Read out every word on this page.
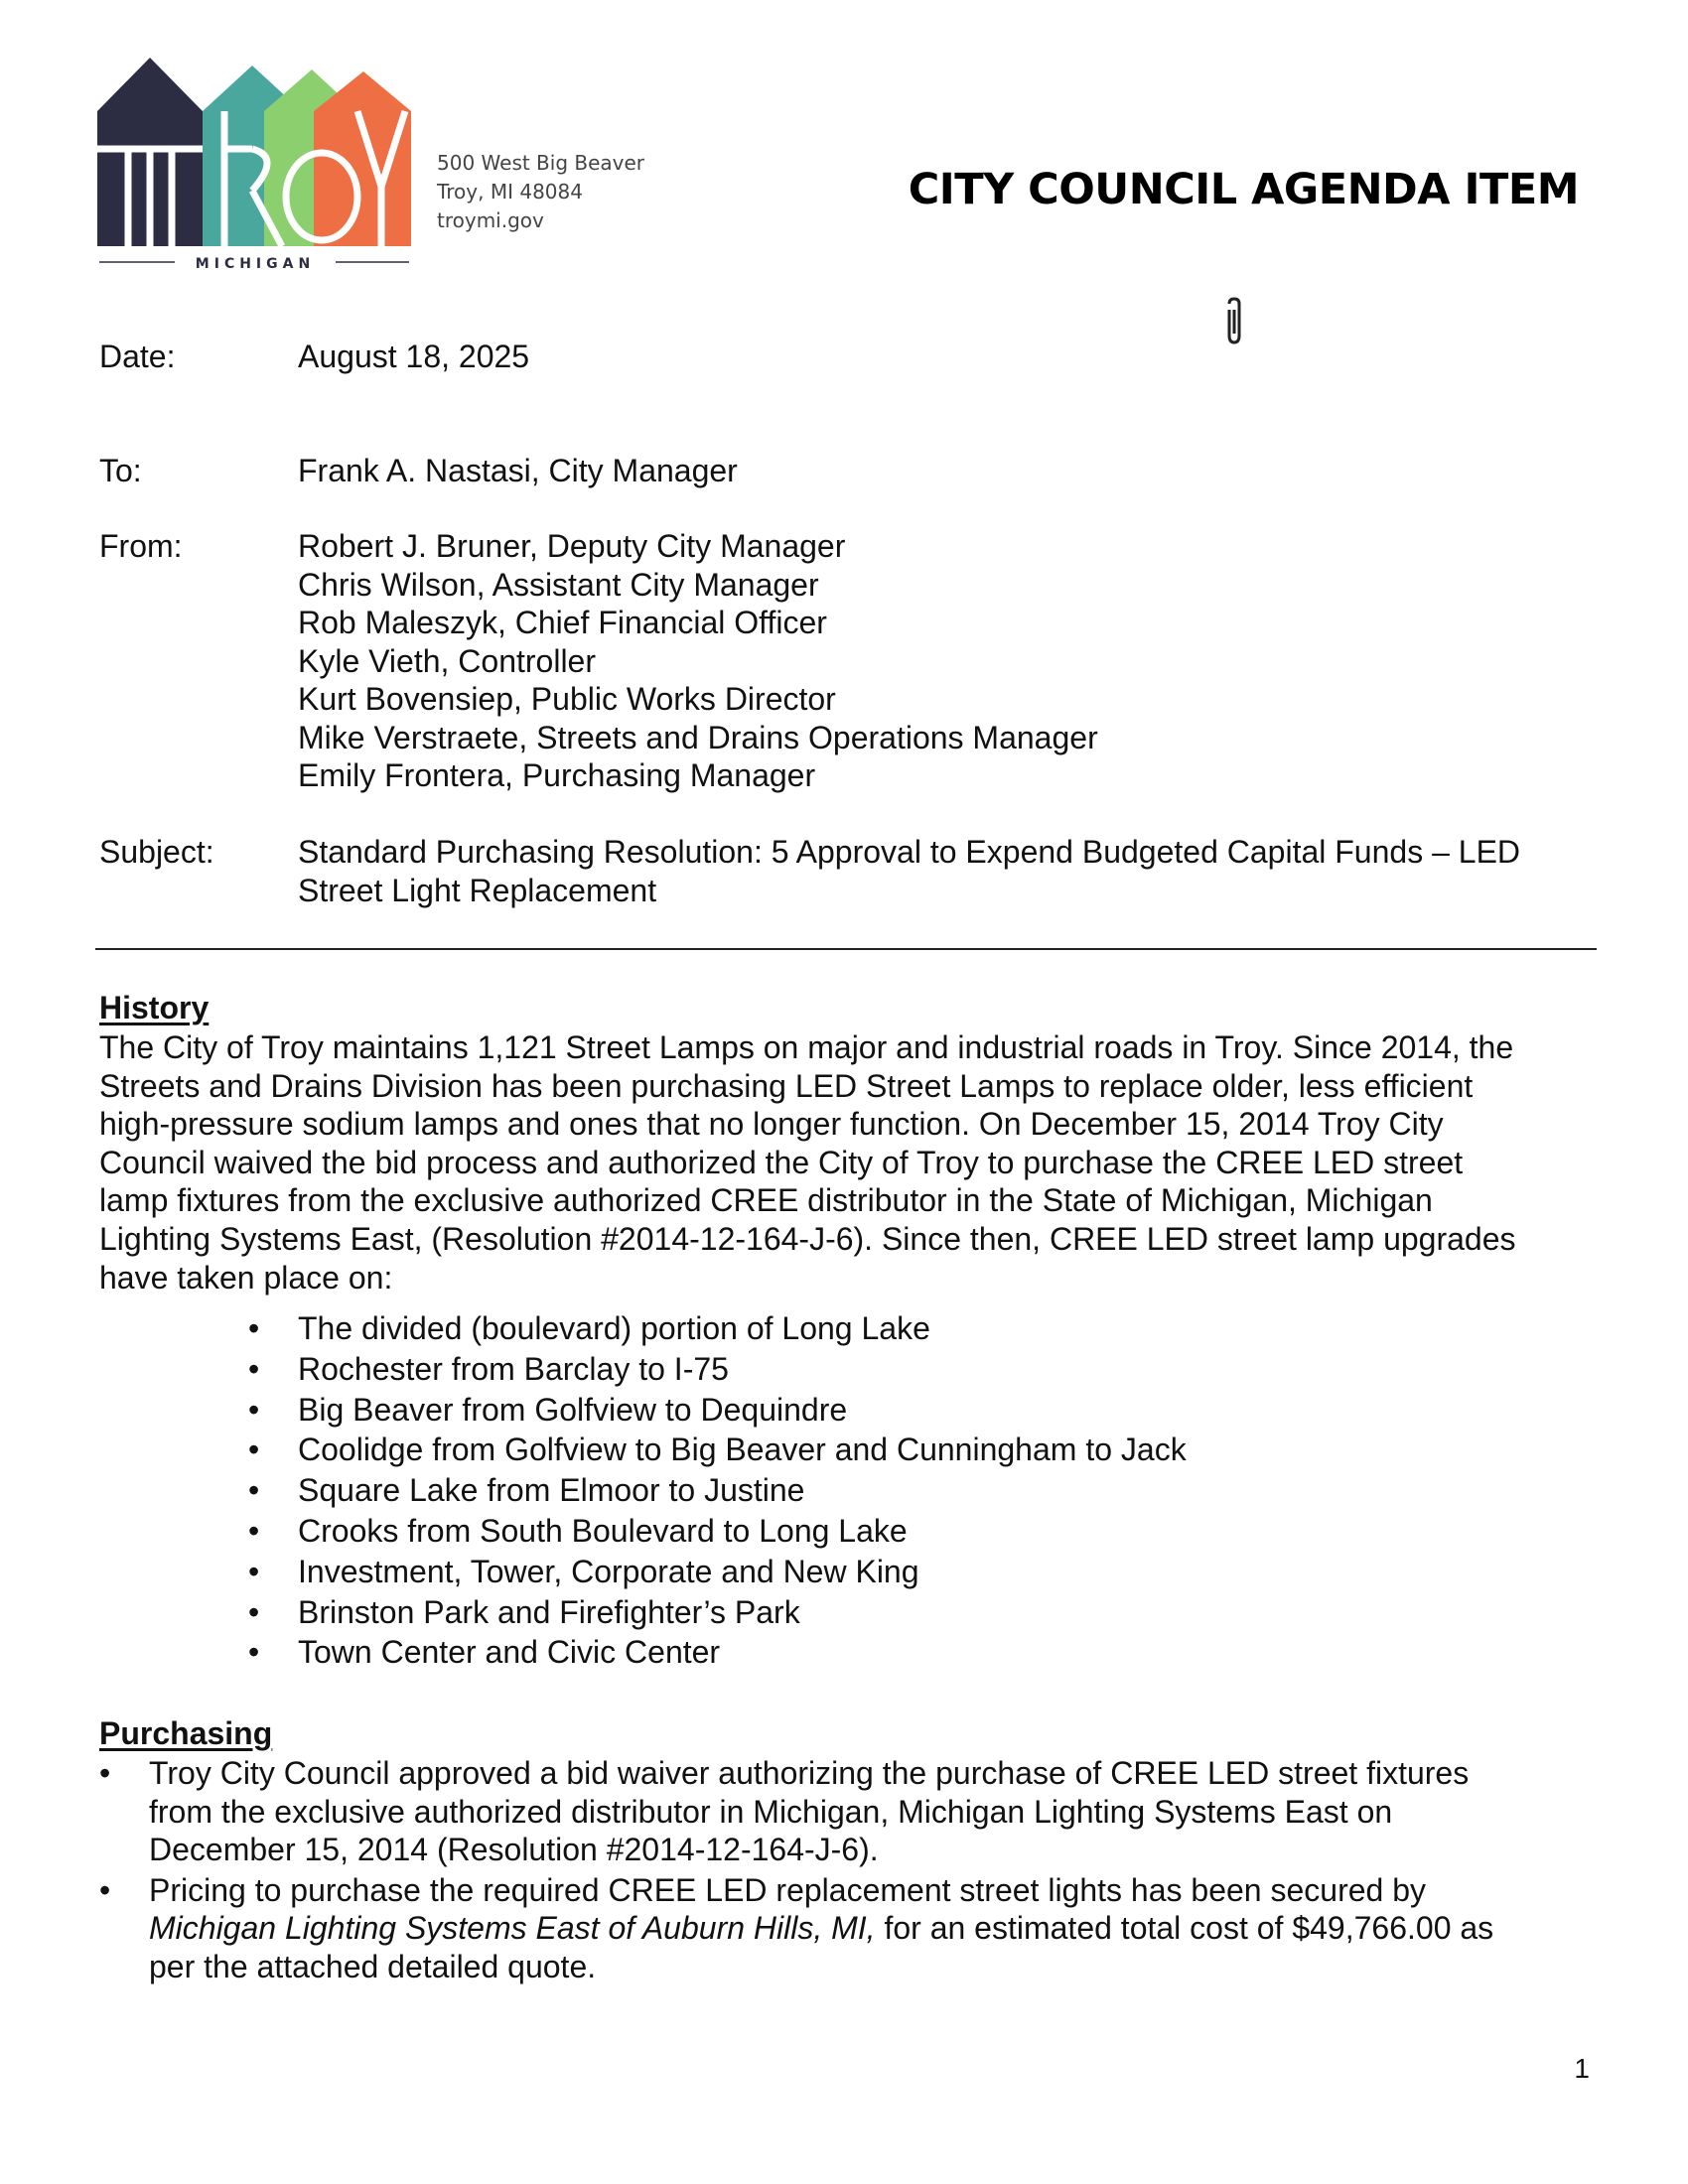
MICHIGAN
500 West Big Beaver
Troy, MI 48084
troymi.gov
CITY COUNCIL AGENDA ITEM
Date:	August 18, 2025
To:	Frank A. Nastasi, City Manager
From:	Robert J. Bruner, Deputy City Manager
Chris Wilson, Assistant City Manager
Rob Maleszyk, Chief Financial Officer
Kyle Vieth, Controller
Kurt Bovensiep, Public Works Director
Mike Verstraete, Streets and Drains Operations Manager
Emily Frontera, Purchasing Manager
Subject:	Standard Purchasing Resolution: 5 Approval to Expend Budgeted Capital Funds – LED
Street Light Replacement
History
The City of Troy maintains 1,121 Street Lamps on major and industrial roads in Troy. Since 2014, the
Streets and Drains Division has been purchasing LED Street Lamps to replace older, less efficient
high-pressure sodium lamps and ones that no longer function. On December 15, 2014 Troy City
Council waived the bid process and authorized the City of Troy to purchase the CREE LED street
lamp fixtures from the exclusive authorized CREE distributor in the State of Michigan, Michigan
Lighting Systems East, (Resolution #2014-12-164-J-6). Since then, CREE LED street lamp upgrades
have taken place on:
• The divided (boulevard) portion of Long Lake
• Rochester from Barclay to I-75
• Big Beaver from Golfview to Dequindre
• Coolidge from Golfview to Big Beaver and Cunningham to Jack
• Square Lake from Elmoor to Justine
• Crooks from South Boulevard to Long Lake
• Investment, Tower, Corporate and New King
• Brinston Park and Firefighter’s Park
• Town Center and Civic Center
Purchasing
• Troy City Council approved a bid waiver authorizing the purchase of CREE LED street fixtures
from the exclusive authorized distributor in Michigan, Michigan Lighting Systems East on
December 15, 2014 (Resolution #2014-12-164-J-6).
• Pricing to purchase the required CREE LED replacement street lights has been secured by
Michigan Lighting Systems East of Auburn Hills, MI, for an estimated total cost of $49,766.00 as
per the attached detailed quote.
1
